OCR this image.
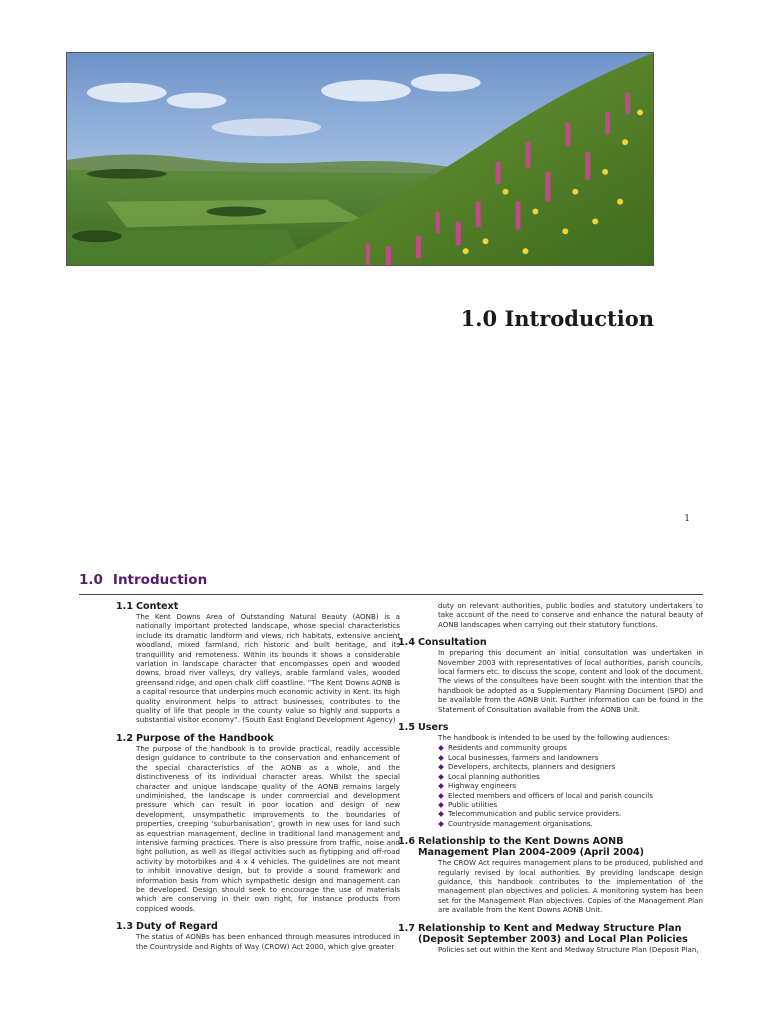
1.0 Introduction
1
1.0 Introduction
1.1 Context

The Kent Downs Area of Outstanding Natural Beauty (AONB) is a nationally important protected landscape, whose special characteristics include its dramatic landform and views, rich habitats, extensive ancient woodland, mixed farmland, rich historic and built heritage, and its tranquillity and remoteness. Within its bounds it shows a considerable variation in landscape character that encompasses open and wooded downs, broad river valleys, dry valleys, arable farmland vales, wooded greensand ridge, and open chalk cliff coastline. “The Kent Downs AONB is a capital resource that underpins much economic activity in Kent. Its high quality environment helps to attract businesses, contributes to the quality of life that people in the county value so highly and supports a substantial visitor economy”. (South East England Development Agency)

1.2 Purpose of the Handbook

The purpose of the handbook is to provide practical, readily accessible design guidance to contribute to the conservation and enhancement of the special characteristics of the AONB as a whole, and the distinctiveness of its individual character areas. Whilst the special character and unique landscape quality of the AONB remains largely undiminished, the landscape is under commercial and development pressure which can result in poor location and design of new development, unsympathetic improvements to the boundaries of properties, creeping ‘suburbanisation’, growth in new uses for land such as equestrian management, decline in traditional land management and intensive farming practices. There is also pressure from traffic, noise and light pollution, as well as illegal activities such as flytipping and off-road activity by motorbikes and 4 x 4 vehicles. The guidelines are not meant to inhibit innovative design, but to provide a sound framework and information basis from which sympathetic design and management can be developed. Design should seek to encourage the use of materials which are conserving in their own right, for instance products from coppiced woods.

1.3 Duty of Regard

The status of AONBs has been enhanced through measures introduced in the Countryside and Rights of Way (CROW) Act 2000, which give greater

duty on relevant authorities, public bodies and statutory undertakers to take account of the need to conserve and enhance the natural beauty of AONB landscapes when carrying out their statutory functions.

1.4 Consultation

In preparing this document an initial consultation was undertaken in November 2003 with representatives of local authorities, parish councils, local farmers etc. to discuss the scope, content and look of the document. The views of the consultees have been sought with the intention that the handbook be adopted as a Supplementary Planning Document (SPD) and be available from the AONB Unit. Further information can be found in the Statement of Consultation available from the AONB Unit.

1.5 Users

The handbook is intended to be used by the following audiences:

Residents and community groups
Local businesses, farmers and landowners
Developers, architects, planners and designers
Local planning authorities
Highway engineers
Elected members and officers of local and parish councils
Public utilities
Telecommunication and public service providers.
Countryside management organisations.
1.6 Relationship to the Kent Downs AONB
Management Plan 2004-2009 (April 2004)

The CROW Act requires management plans to be produced, published and regularly revised by local authorities. By providing landscape design guidance, this handbook contributes to the implementation of the management plan objectives and policies. A monitoring system has been set for the Management Plan objectives. Copies of the Management Plan are available from the Kent Downs AONB Unit.

1.7 Relationship to Kent and Medway Structure Plan
(Deposit September 2003) and Local Plan Policies

Policies set out within the Kent and Medway Structure Plan (Deposit Plan,
